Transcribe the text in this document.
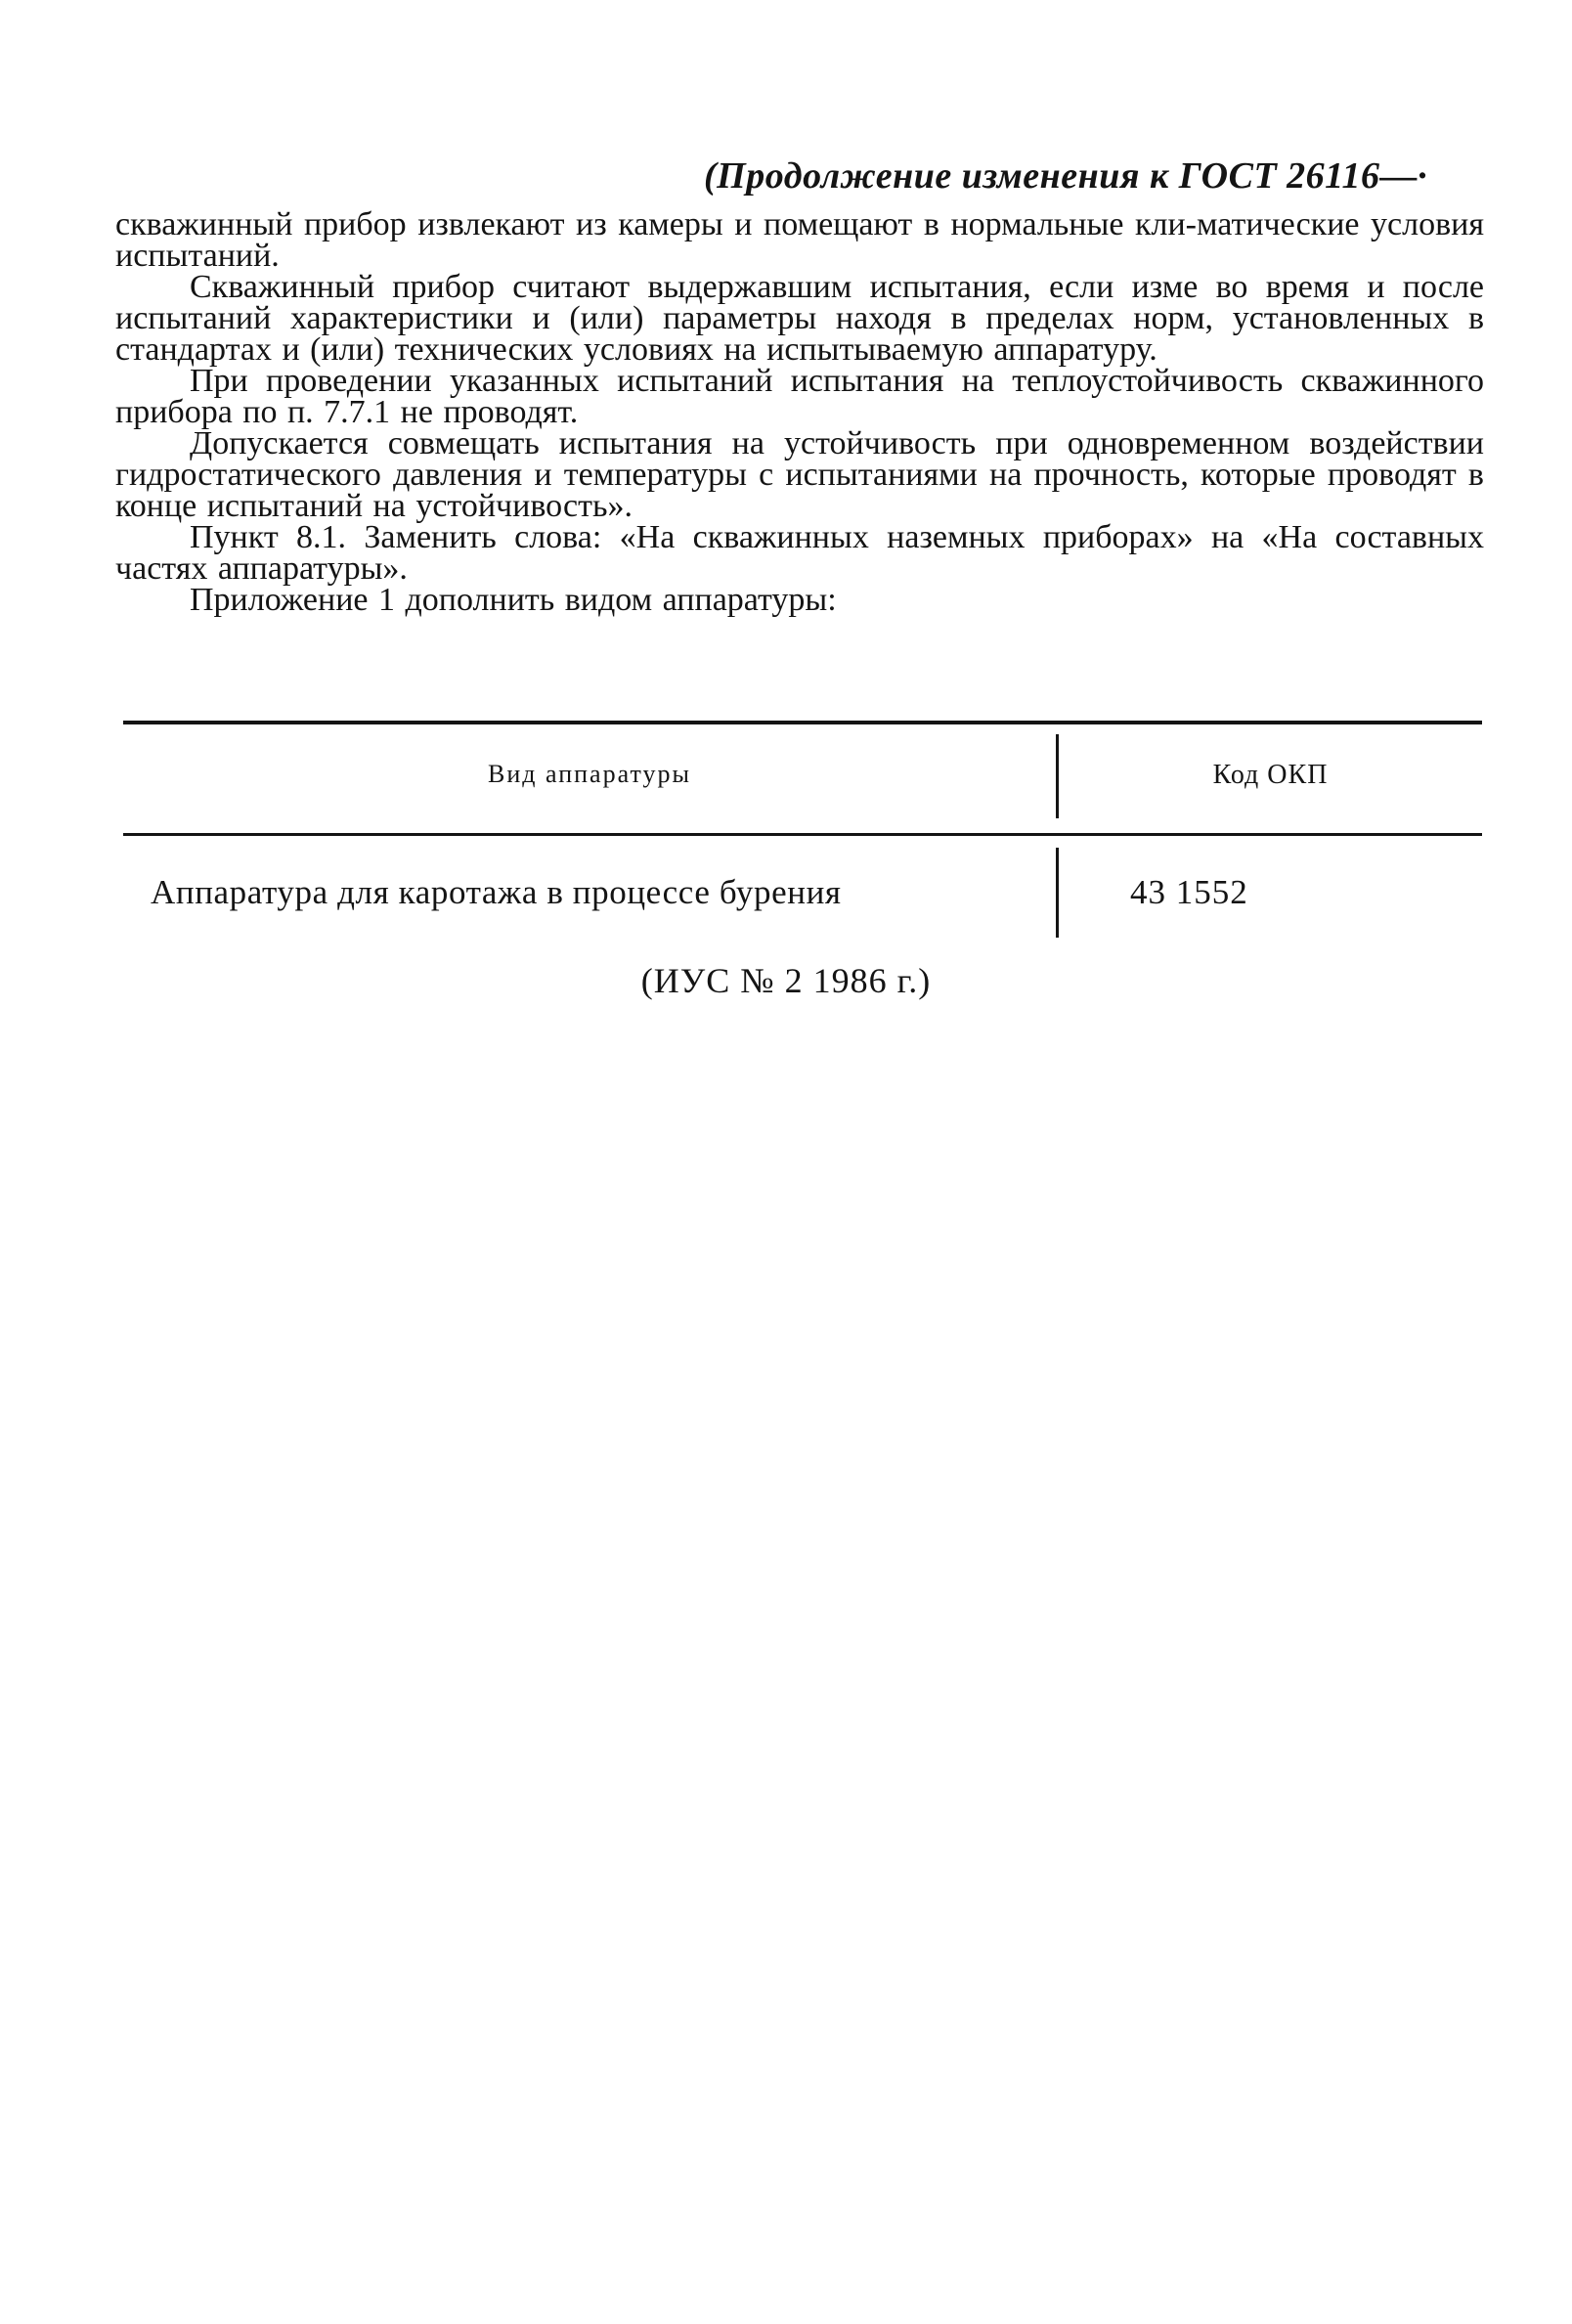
(Продолжение изменения к ГОСТ 26116—·

скважинный прибор извлекают из камеры и помещают в нормальные кли-матические условия испытаний.

Скважинный прибор считают выдержавшим испытания, если изме во время и после испытаний характеристики и (или) параметры находя в пределах норм, установленных в стандартах и (или) технических условиях на испытываемую аппаратуру.

При проведении указанных испытаний испытания на теплоустойчивость скважинного прибора по п. 7.7.1 не проводят.

Допускается совмещать испытания на устойчивость при одновременном воздействии гидростатического давления и температуры с испытаниями на прочность, которые проводят в конце испытаний на устойчивость».

Пункт 8.1. Заменить слова: «На скважинных наземных приборах» на «На составных частях аппаратуры».

Приложение 1 дополнить видом аппаратуры:

Вид аппаратуры	Код ОКП
Аппаратура для каротажа в процессе бурения	43 1552
(ИУС № 2 1986 г.)
